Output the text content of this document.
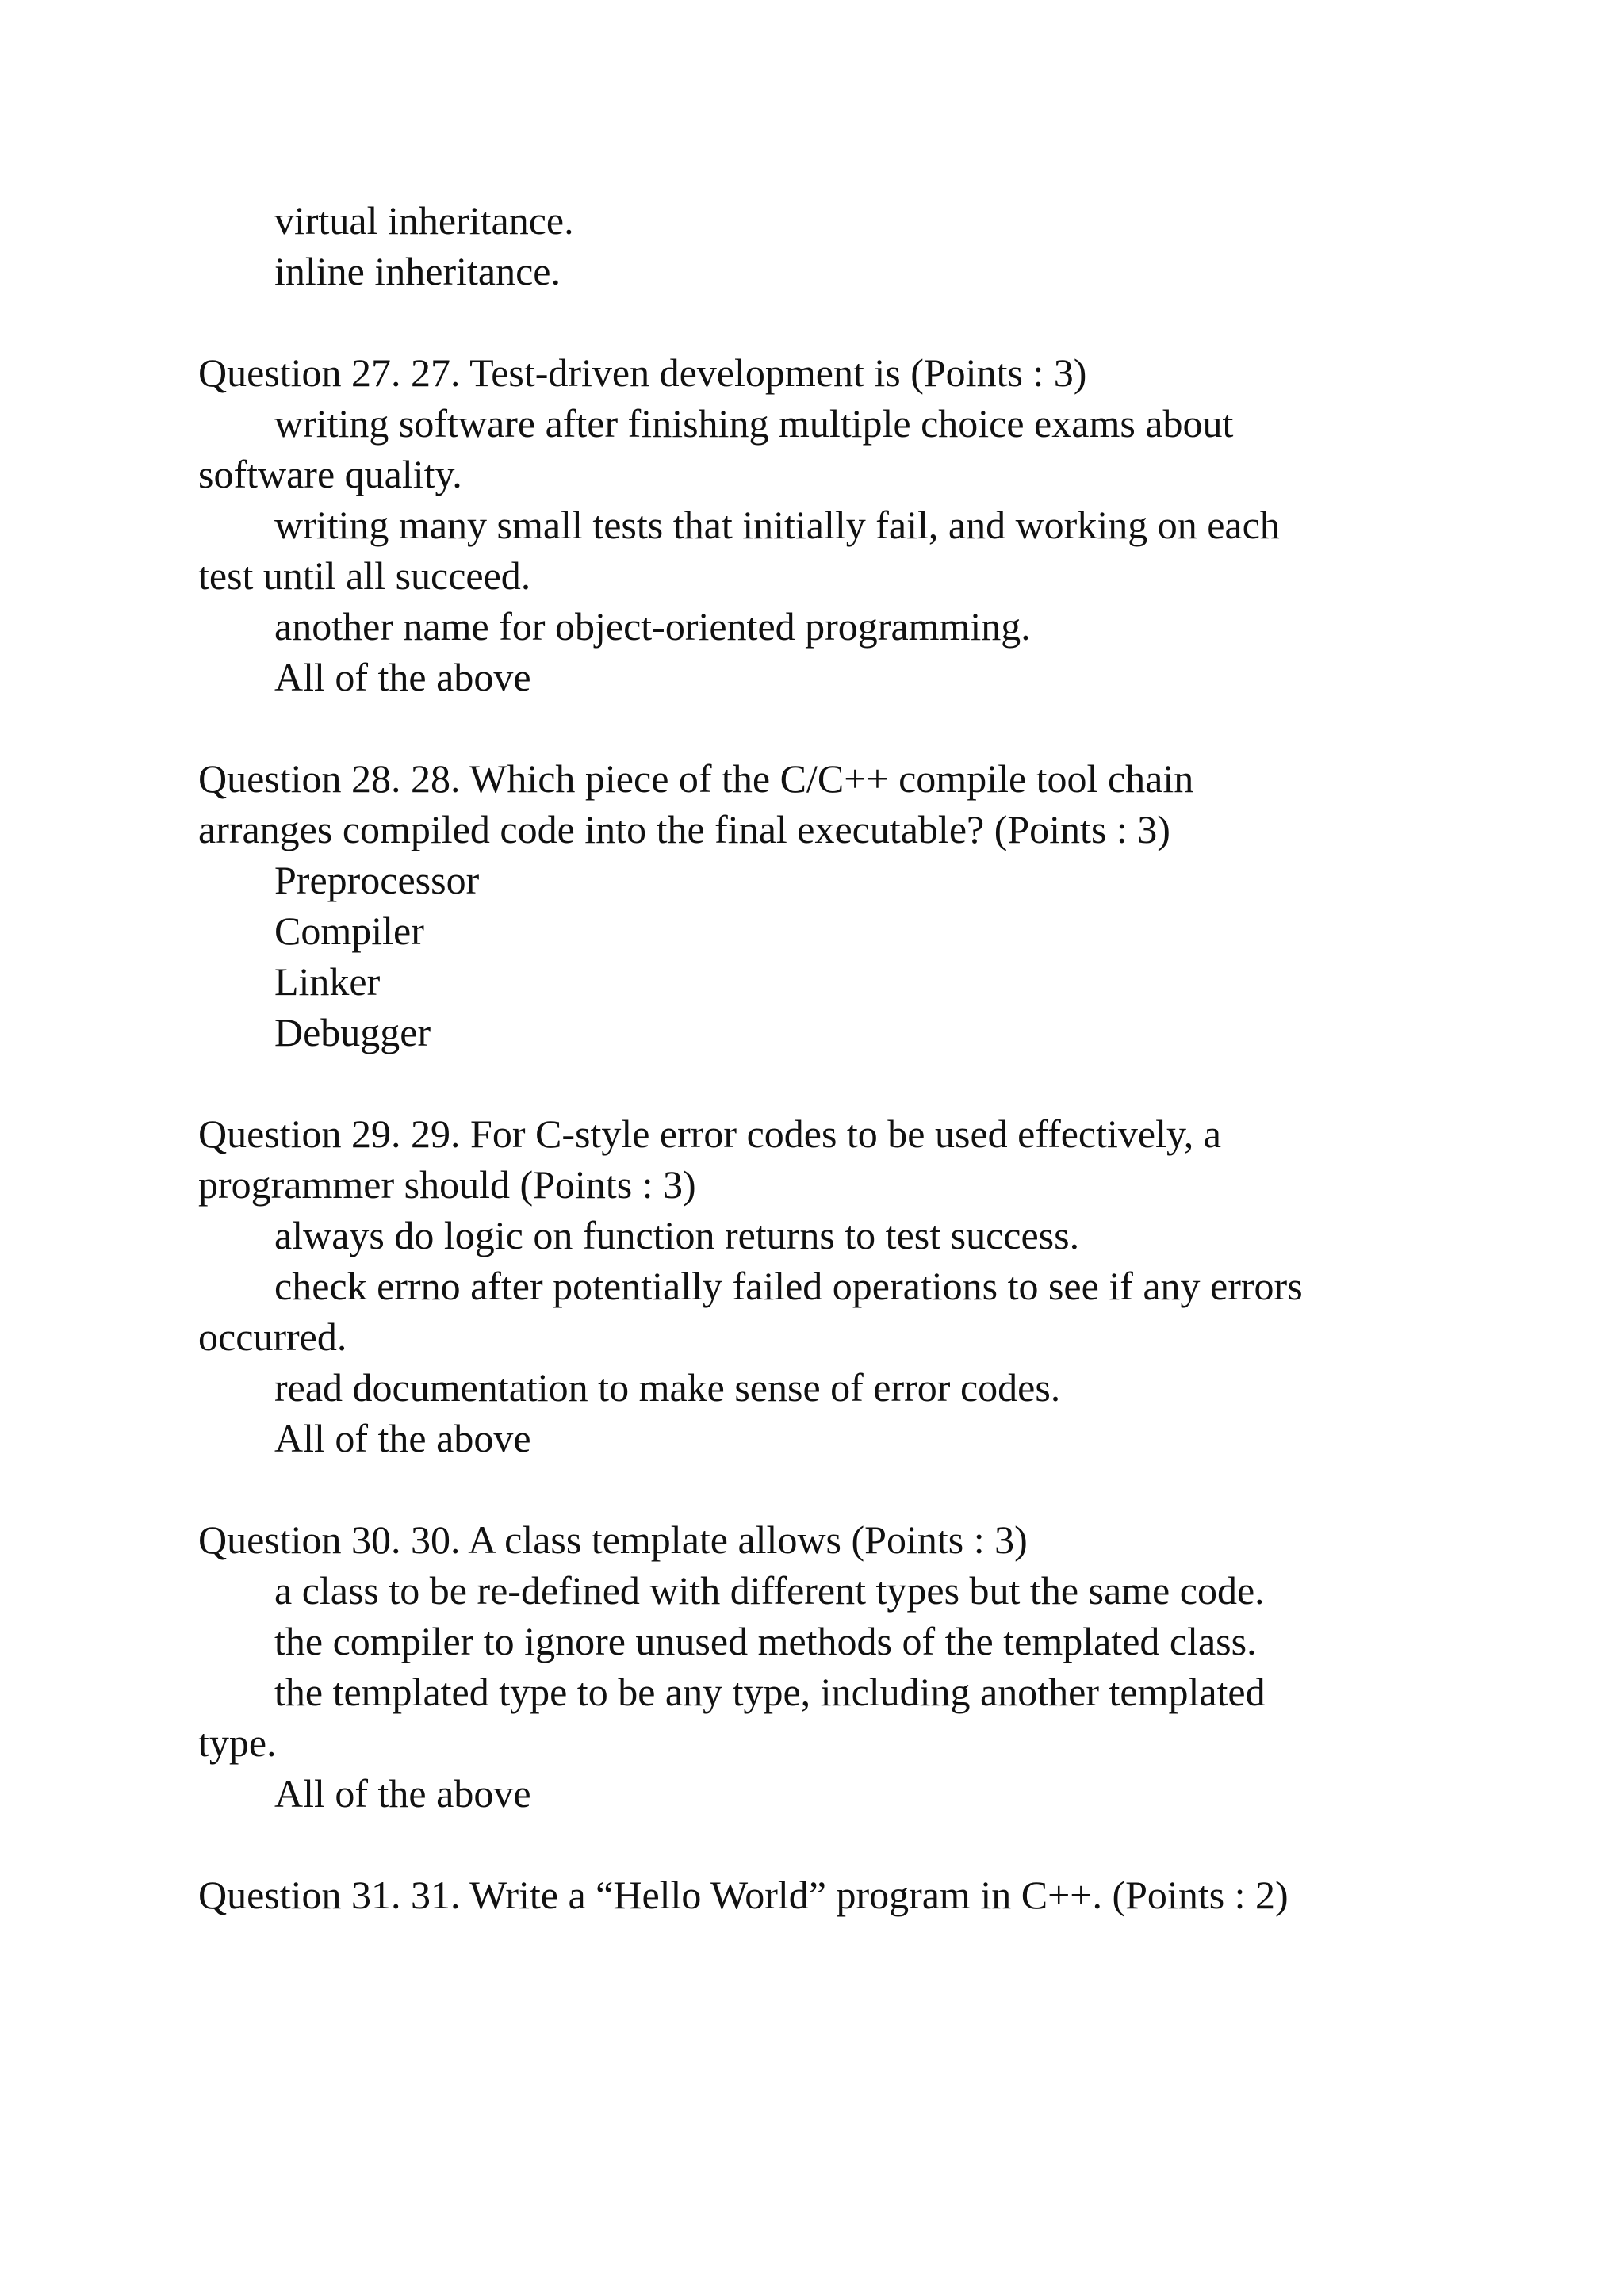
virtual inheritance.
inline inheritance.
Question 27. 27. Test-driven development is (Points : 3)
writing software after finishing multiple choice exams about
software quality.
writing many small tests that initially fail, and working on each
test until all succeed.
another name for object-oriented programming.
All of the above
Question 28. 28. Which piece of the C/C++ compile tool chain
arranges compiled code into the final executable? (Points : 3)
Preprocessor
Compiler
Linker
Debugger
Question 29. 29. For C-style error codes to be used effectively, a
programmer should (Points : 3)
always do logic on function returns to test success.
check errno after potentially failed operations to see if any errors
occurred.
read documentation to make sense of error codes.
All of the above
Question 30. 30. A class template allows (Points : 3)
a class to be re-defined with different types but the same code.
the compiler to ignore unused methods of the templated class.
the templated type to be any type, including another templated
type.
All of the above
Question 31. 31. Write a “Hello World” program in C++. (Points : 2)
